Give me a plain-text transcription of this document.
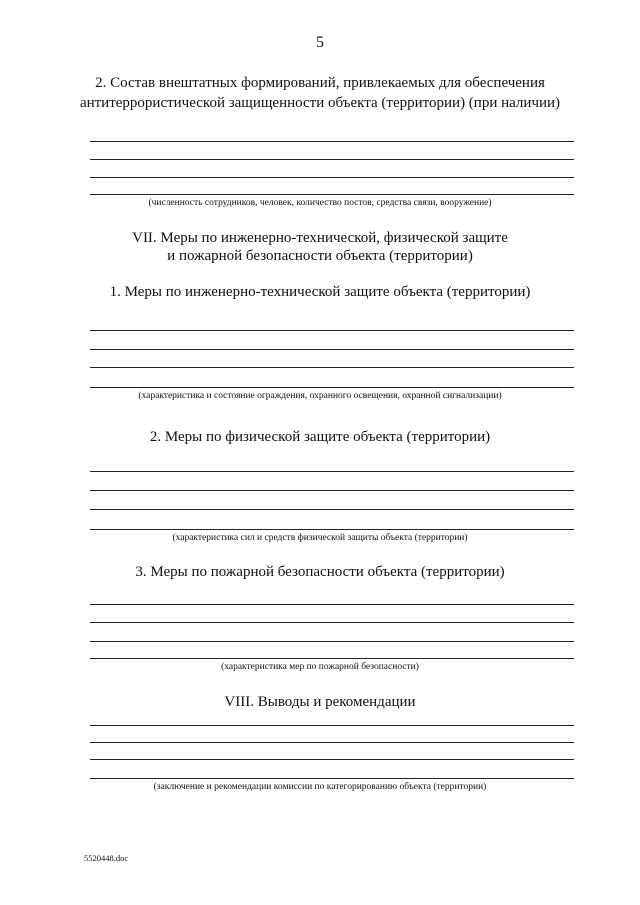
5
2. Состав внештатных формирований, привлекаемых для обеспечения
антитеррористической защищенности объекта (территории) (при наличии)
(численность сотрудников, человек, количество постов, средства связи, вооружение)
VII. Меры по инженерно-технической, физической защите
и пожарной безопасности объекта (территории)
1. Меры по инженерно-технической защите объекта (территории)
(характеристика и состояние ограждения, охранного освещения, охранной сигнализации)
2. Меры по физической защите объекта (территории)
(характеристика сил и средств физической защиты объекта (территории)
3. Меры по пожарной безопасности объекта (территории)
(характеристика мер по пожарной безопасности)
VIII. Выводы и рекомендации
(заключение и рекомендации комиссии по категорированию объекта (территории)
5520448.doc
